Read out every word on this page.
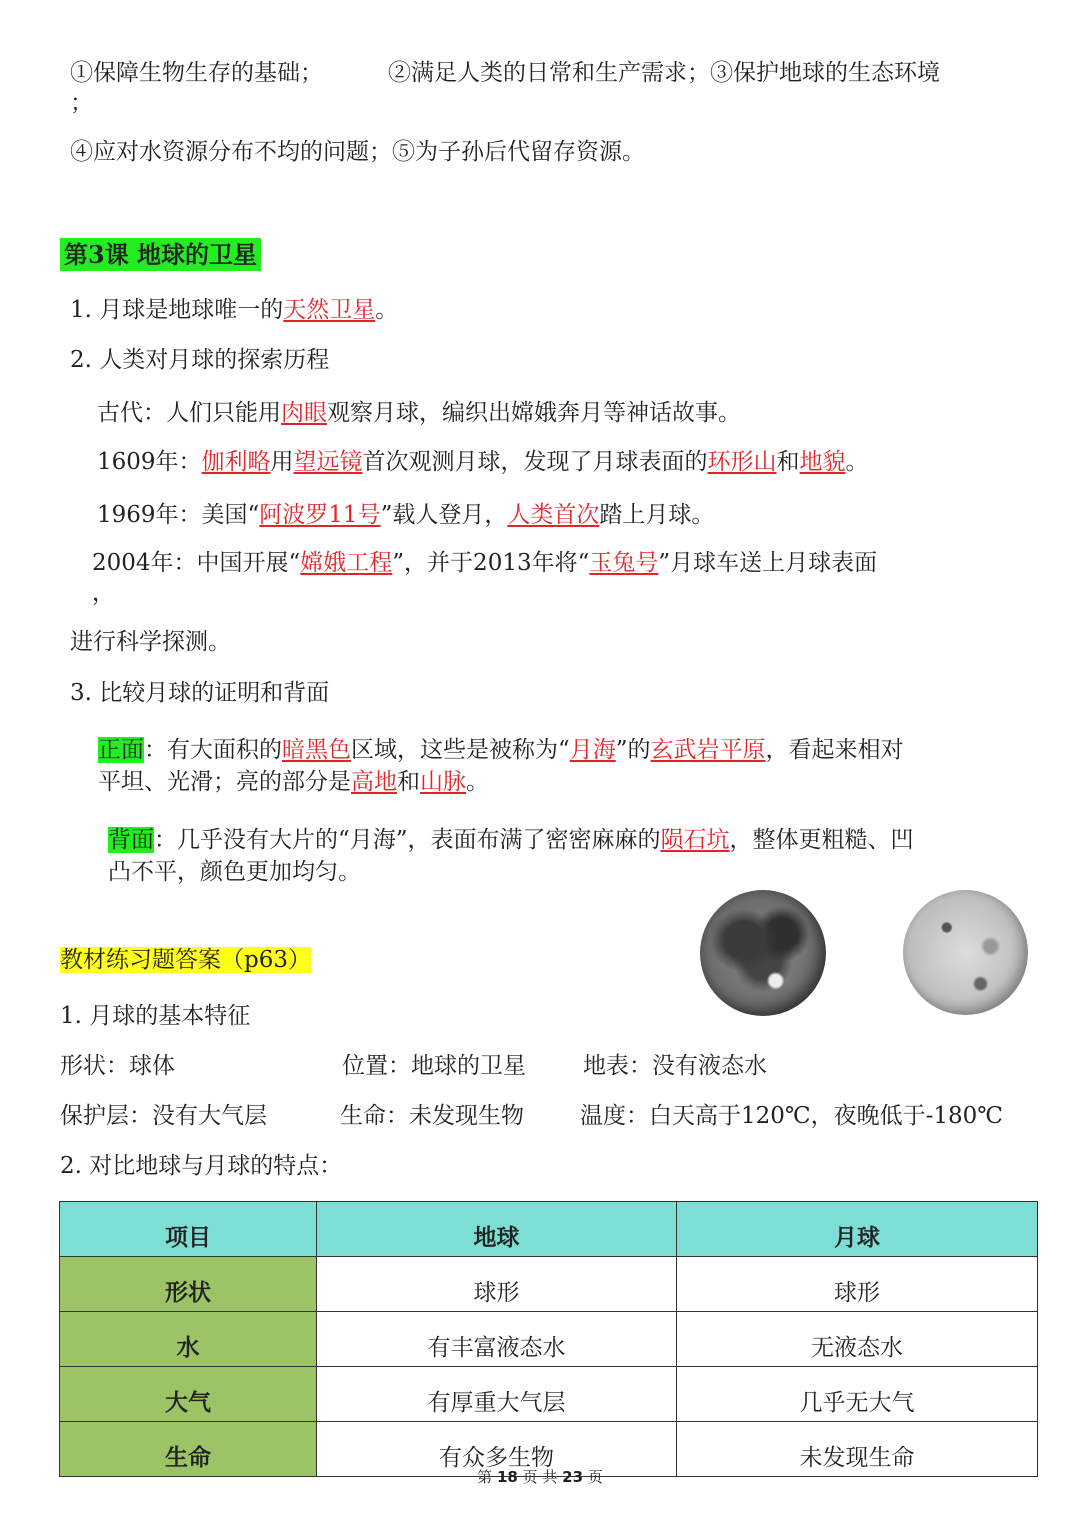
①保障生物生存的基础；	②满足人类的日常和生产需求；③保护地球的生态环境
；
④应对水资源分布不均的问题；⑤为子孙后代留存资源。
第3课 地球的卫星
1. 月球是地球唯一的天然卫星。
2. 人类对月球的探索历程
古代：人们只能用肉眼观察月球，编织出嫦娥奔月等神话故事。
1609年：伽利略用望远镜首次观测月球，发现了月球表面的环形山和地貌。
1969年：美国“阿波罗11号”载人登月，人类首次踏上月球。
2004年：中国开展“嫦娥工程”，并于2013年将“玉兔号”月球车送上月球表面
，
进行科学探测。
3. 比较月球的证明和背面
正面：有大面积的暗黑色区域，这些是被称为“月海”的玄武岩平原，看起来相对
平坦、光滑；亮的部分是高地和山脉。
背面：几乎没有大片的“月海”，表面布满了密密麻麻的陨石坑，整体更粗糙、凹
凸不平，颜色更加均匀。
教材练习题答案（p63）
1. 月球的基本特征
形状：球体	位置：地球的卫星 地表：没有液态水
保护层：没有大气层	生命：未发现生物 温度：白天高于120℃，夜晚低于-180℃
2. 对比地球与月球的特点：
项目	地球	月球
形状	球形	球形
水	有丰富液态水	无液态水
大气	有厚重大气层	几乎无大气
生命	有众多生物	未发现生命
第 18 页 共 23 页
